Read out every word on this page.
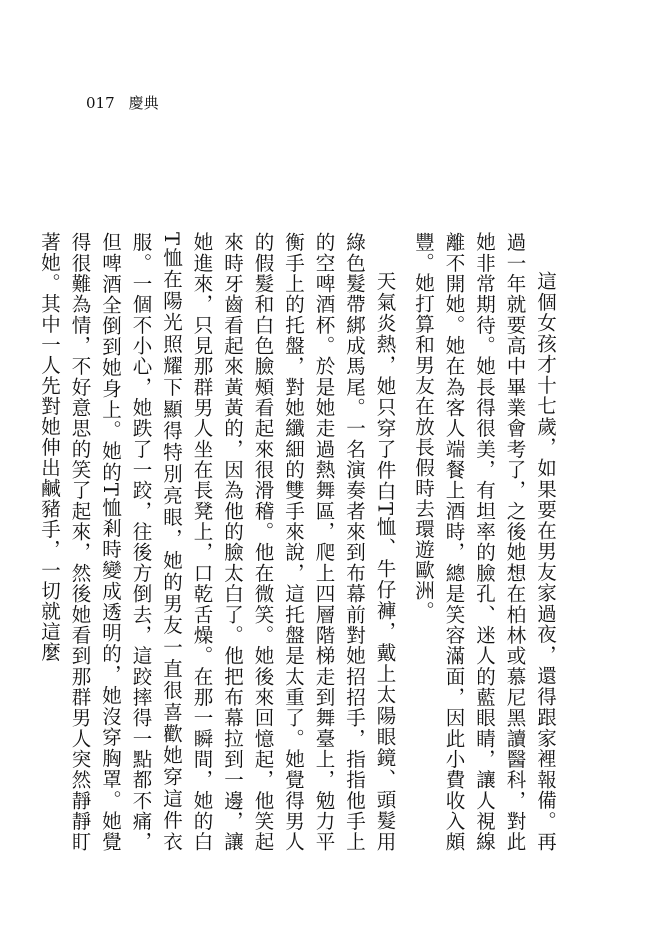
017 慶典

這個女孩才十七歲，如果要在男友家過夜，還得跟家裡報備。再過一年就要高中畢業會考了，之後她想在柏林或慕尼黑讀醫科，對此她非常期待。她長得很美，有坦率的臉孔、迷人的藍眼睛，讓人視線離不開她。她在為客人端餐上酒時，總是笑容滿面，因此小費收入頗豐。她打算和男友在放長假時去環遊歐洲。

天氣炎熱，她只穿了件白T恤、牛仔褲，戴上太陽眼鏡、頭髮用綠色髮帶綁成馬尾。一名演奏者來到布幕前對她招招手，指指他手上的空啤酒杯。於是她走過熱舞區，爬上四層階梯走到舞臺上，勉力平衡手上的托盤，對她纖細的雙手來說，這托盤是太重了。她覺得男人的假髮和白色臉頰看起來很滑稽。他在微笑。她後來回憶起，他笑起來時牙齒看起來黃黃的，因為他的臉太白了。他把布幕拉到一邊，讓她進來，只見那群男人坐在長凳上，口乾舌燥。在那一瞬間，她的白T恤在陽光照耀下顯得特別亮眼，她的男友一直很喜歡她穿這件衣服。一個不小心，她跌了一跤，往後方倒去，這跤摔得一點都不痛，但啤酒全倒到她身上。她的T恤剎時變成透明的，她沒穿胸罩。她覺得很難為情，不好意思的笑了起來，然後她看到那群男人突然靜靜盯著她。其中一人先對她伸出鹹豬手，一切就這麼
